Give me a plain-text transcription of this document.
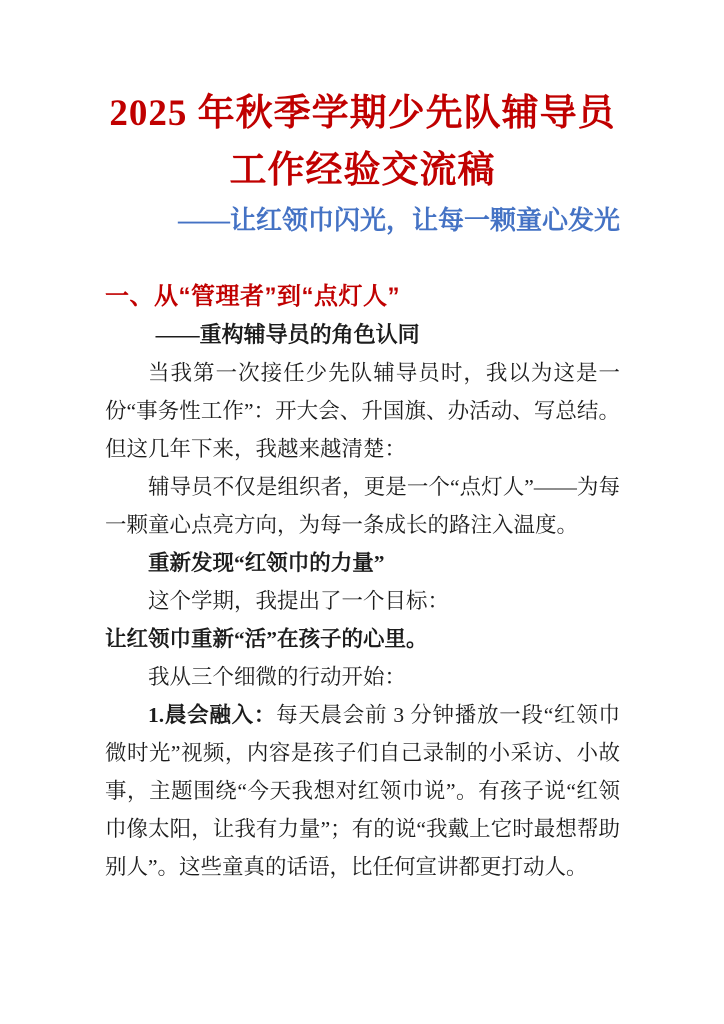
2025 年秋季学期少先队辅导员
工作经验交流稿
——让红领巾闪光，让每一颗童心发光
一、从“管理者”到“点灯人”

——重构辅导员的角色认同

当我第一次接任少先队辅导员时，我以为这是一份“事务性工作”：开大会、升国旗、办活动、写总结。但这几年下来，我越来越清楚：

辅导员不仅是组织者，更是一个“点灯人”——为每一颗童心点亮方向，为每一条成长的路注入温度。

重新发现“红领巾的力量”

这个学期，我提出了一个目标：

让红领巾重新“活”在孩子的心里。

我从三个细微的行动开始：

1.晨会融入：每天晨会前 3 分钟播放一段“红领巾微时光”视频，内容是孩子们自己录制的小采访、小故事，主题围绕“今天我想对红领巾说”。有孩子说“红领巾像太阳，让我有力量”；有的说“我戴上它时最想帮助别人”。这些童真的话语，比任何宣讲都更打动人。
